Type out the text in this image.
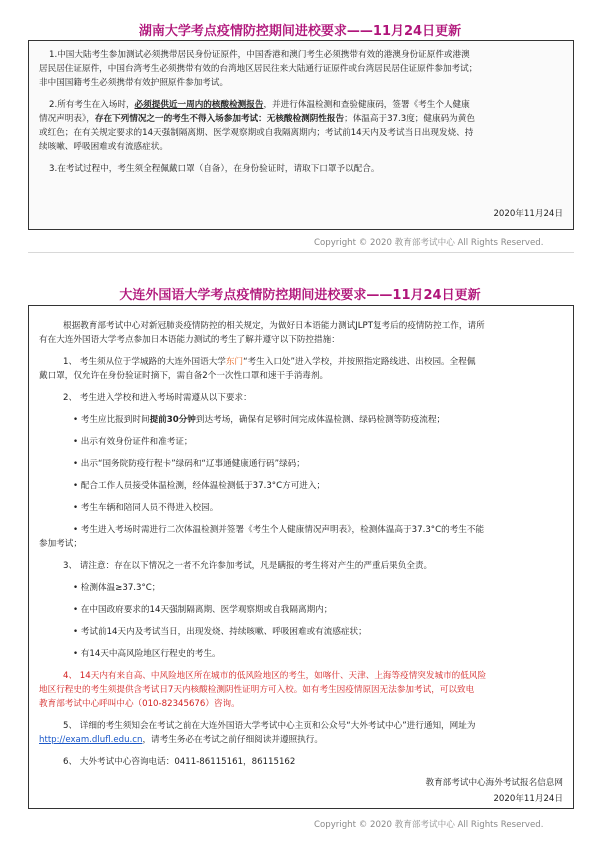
湖南大学考点疫情防控期间进校要求——11月24日更新
1.中国大陆考生参加测试必须携带居民身份证原件，中国香港和澳门考生必须携带有效的港澳身份证原件或港澳
居民居住证原件，中国台湾考生必须携带有效的台湾地区居民往来大陆通行证原件或台湾居民居住证原件参加考试；
非中国国籍考生必须携带有效护照原件参加考试。
2.所有考生在入场时，必须提供近一周内的核酸检测报告，并进行体温检测和查验健康码，签署《考生个人健康
情况声明表》，存在下列情况之一的考生不得入场参加考试：无核酸检测阴性报告；体温高于37.3度；健康码为黄色
或红色；在有关规定要求的14天强制隔离期、医学观察期或自我隔离期内；考试前14天内及考试当日出现发烧、持
续咳嗽、呼吸困难或有流感症状。
3.在考试过程中，考生须全程佩戴口罩（自备），在身份验证时，请取下口罩予以配合。
2020年11月24日
Copyright © 2020 教育部考试中心 All Rights Reserved.
大连外国语大学考点疫情防控期间进校要求——11月24日更新
根据教育部考试中心对新冠肺炎疫情防控的相关规定，为做好日本语能力测试JLPT复考后的疫情防控工作，请所
有在大连外国语大学考点参加日本语能力测试的考生了解并遵守以下防控措施：
1、 考生须从位于学城路的大连外国语大学东门“考生入口处”进入学校，并按照指定路线进、出校园。全程佩
戴口罩，仅允许在身份验证时摘下，需自备2个一次性口罩和速干手消毒剂。
2、 考生进入学校和进入考场时需遵从以下要求：
• 考生应比报到时间提前30分钟到达考场，确保有足够时间完成体温检测、绿码检测等防疫流程；
• 出示有效身份证件和准考证；
• 出示“国务院防疫行程卡”绿码和“辽事通健康通行码”绿码；
• 配合工作人员接受体温检测，经体温检测低于37.3°C方可进入；
• 考生车辆和陪同人员不得进入校园。
• 考生进入考场时需进行二次体温检测并签署《考生个人健康情况声明表》，检测体温高于37.3°C的考生不能
参加考试；
3、 请注意：存在以下情况之一者不允许参加考试，凡是瞒报的考生将对产生的严重后果负全责。
• 检测体温≥37.3°C；
• 在中国政府要求的14天强制隔离期、医学观察期或自我隔离期内；
• 考试前14天内及考试当日，出现发烧、持续咳嗽、呼吸困难或有流感症状；
• 有14天中高风险地区行程史的考生。
4、 14天内有来自高、中风险地区所在城市的低风险地区的考生，如喀什、天津、上海等疫情突发城市的低风险
地区行程史的考生须提供含考试日7天内核酸检测阴性证明方可入校。如有考生因疫情原因无法参加考试，可以致电
教育部考试中心呼叫中心（010-82345676）咨询。
5、 详细的考生须知会在考试之前在大连外国语大学考试中心主页和公众号“大外考试中心”进行通知，网址为
http://exam.dlufl.edu.cn，请考生务必在考试之前仔细阅读并遵照执行。
6、 大外考试中心咨询电话：0411-86115161，86115162
教育部考试中心海外考试报名信息网
2020年11月24日
Copyright © 2020 教育部考试中心 All Rights Reserved.
